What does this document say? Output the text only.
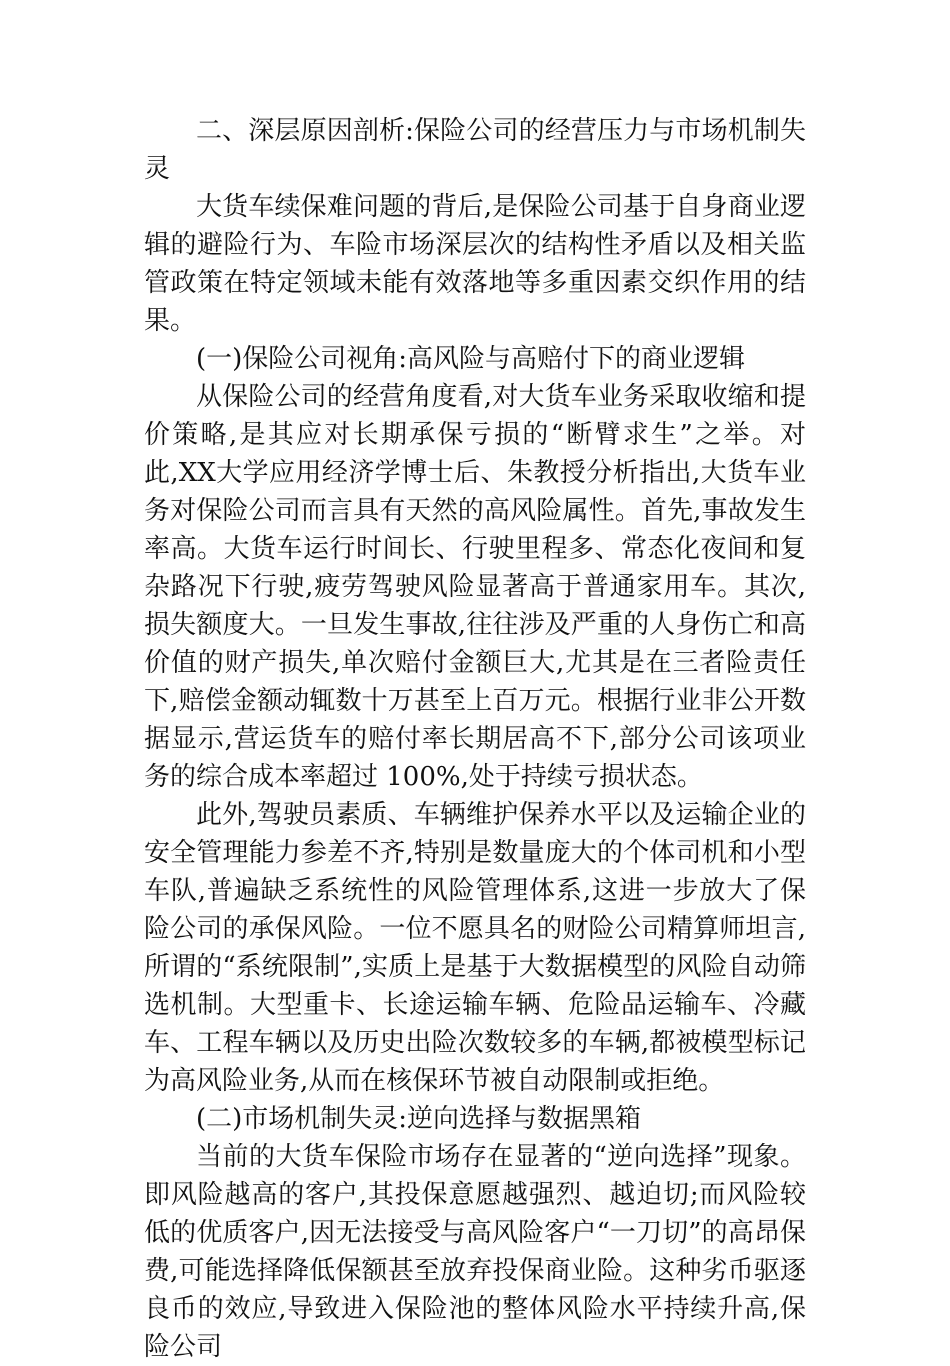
二、深层原因剖析:保险公司的经营压力与市场机制失灵

大货车续保难问题的背后,是保险公司基于自身商业逻辑的避险行为、车险市场深层次的结构性矛盾以及相关监管政策在特定领域未能有效落地等多重因素交织作用的结果。

(一)保险公司视角:高风险与高赔付下的商业逻辑

从保险公司的经营角度看,对大货车业务采取收缩和提价策略,是其应对长期承保亏损的“断臂求生”之举。对此,XX大学应用经济学博士后、朱教授分析指出,大货车业务对保险公司而言具有天然的高风险属性。首先,事故发生率高。大货车运行时间长、行驶里程多、常态化夜间和复杂路况下行驶,疲劳驾驶风险显著高于普通家用车。其次,损失额度大。一旦发生事故,往往涉及严重的人身伤亡和高价值的财产损失,单次赔付金额巨大,尤其是在三者险责任下,赔偿金额动辄数十万甚至上百万元。根据行业非公开数据显示,营运货车的赔付率长期居高不下,部分公司该项业务的综合成本率超过 100%,处于持续亏损状态。

此外,驾驶员素质、车辆维护保养水平以及运输企业的安全管理能力参差不齐,特别是数量庞大的个体司机和小型车队,普遍缺乏系统性的风险管理体系,这进一步放大了保险公司的承保风险。一位不愿具名的财险公司精算师坦言,所谓的“系统限制”,实质上是基于大数据模型的风险自动筛选机制。大型重卡、长途运输车辆、危险品运输车、冷藏车、工程车辆以及历史出险次数较多的车辆,都被模型标记为高风险业务,从而在核保环节被自动限制或拒绝。

(二)市场机制失灵:逆向选择与数据黑箱

当前的大货车保险市场存在显著的“逆向选择”现象。即风险越高的客户,其投保意愿越强烈、越迫切;而风险较低的优质客户,因无法接受与高风险客户“一刀切”的高昂保费,可能选择降低保额甚至放弃投保商业险。这种劣币驱逐良币的效应,导致进入保险池的整体风险水平持续升高,保险公司
